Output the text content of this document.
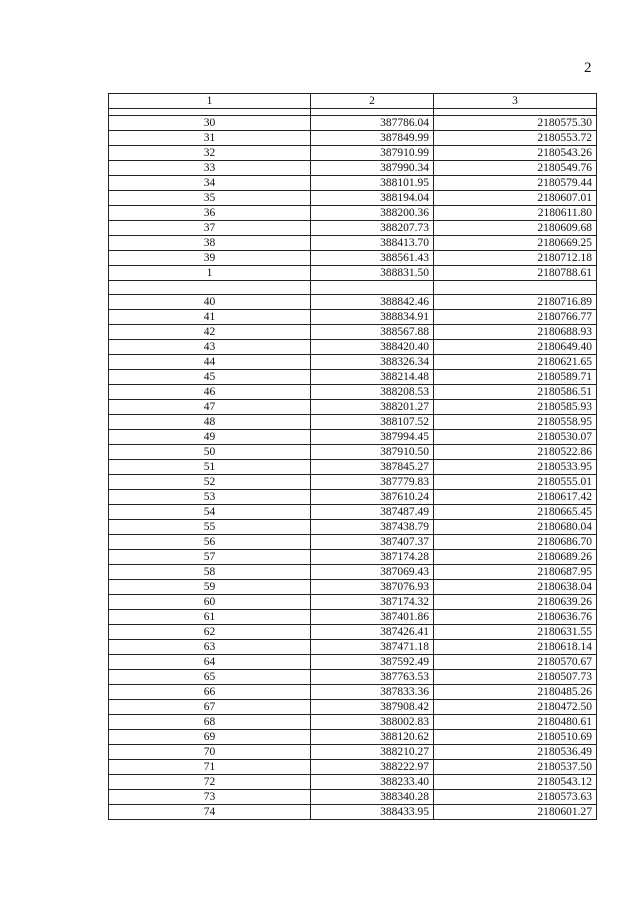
2
1	2	3

30	387786.04	2180575.30
31	387849.99	2180553.72
32	387910.99	2180543.26
33	387990.34	2180549.76
34	388101.95	2180579.44
35	388194.04	2180607.01
36	388200.36	2180611.80
37	388207.73	2180609.68
38	388413.70	2180669.25
39	388561.43	2180712.18
1	388831.50	2180788.61

40	388842.46	2180716.89
41	388834.91	2180766.77
42	388567.88	2180688.93
43	388420.40	2180649.40
44	388326.34	2180621.65
45	388214.48	2180589.71
46	388208.53	2180586.51
47	388201.27	2180585.93
48	388107.52	2180558.95
49	387994.45	2180530.07
50	387910.50	2180522.86
51	387845.27	2180533.95
52	387779.83	2180555.01
53	387610.24	2180617.42
54	387487.49	2180665.45
55	387438.79	2180680.04
56	387407.37	2180686.70
57	387174.28	2180689.26
58	387069.43	2180687.95
59	387076.93	2180638.04
60	387174.32	2180639.26
61	387401.86	2180636.76
62	387426.41	2180631.55
63	387471.18	2180618.14
64	387592.49	2180570.67
65	387763.53	2180507.73
66	387833.36	2180485.26
67	387908.42	2180472.50
68	388002.83	2180480.61
69	388120.62	2180510.69
70	388210.27	2180536.49
71	388222.97	2180537.50
72	388233.40	2180543.12
73	388340.28	2180573.63
74	388433.95	2180601.27
